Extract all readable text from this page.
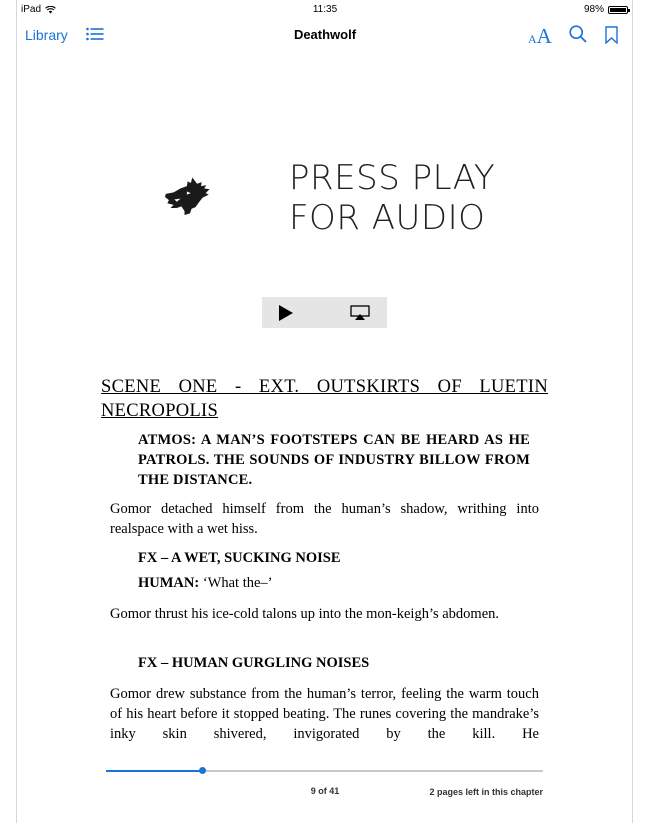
iPad	11:35	98%
Library	Deathwolf	AA
PRESS PLAY
FOR AUDIO
SCENE ONE - EXT. OUTSKIRTS OF LUETIN NECROPOLIS
ATMOS: A MAN’S FOOTSTEPS CAN BE HEARD AS HE PATROLS. THE SOUNDS OF INDUSTRY BILLOW FROM THE DISTANCE.
Gomor detached himself from the human’s shadow, writhing into realspace with a wet hiss.
FX – A WET, SUCKING NOISE
HUMAN: ‘What the–’
Gomor thrust his ice-cold talons up into the mon-keigh’s abdomen.
FX – HUMAN GURGLING NOISES
Gomor drew substance from the human’s terror, feeling the warm touch of his heart before it stopped beating. The runes covering the mandrake’s inky skin shivered, invigorated by the kill. He
9 of 41	2 pages left in this chapter
